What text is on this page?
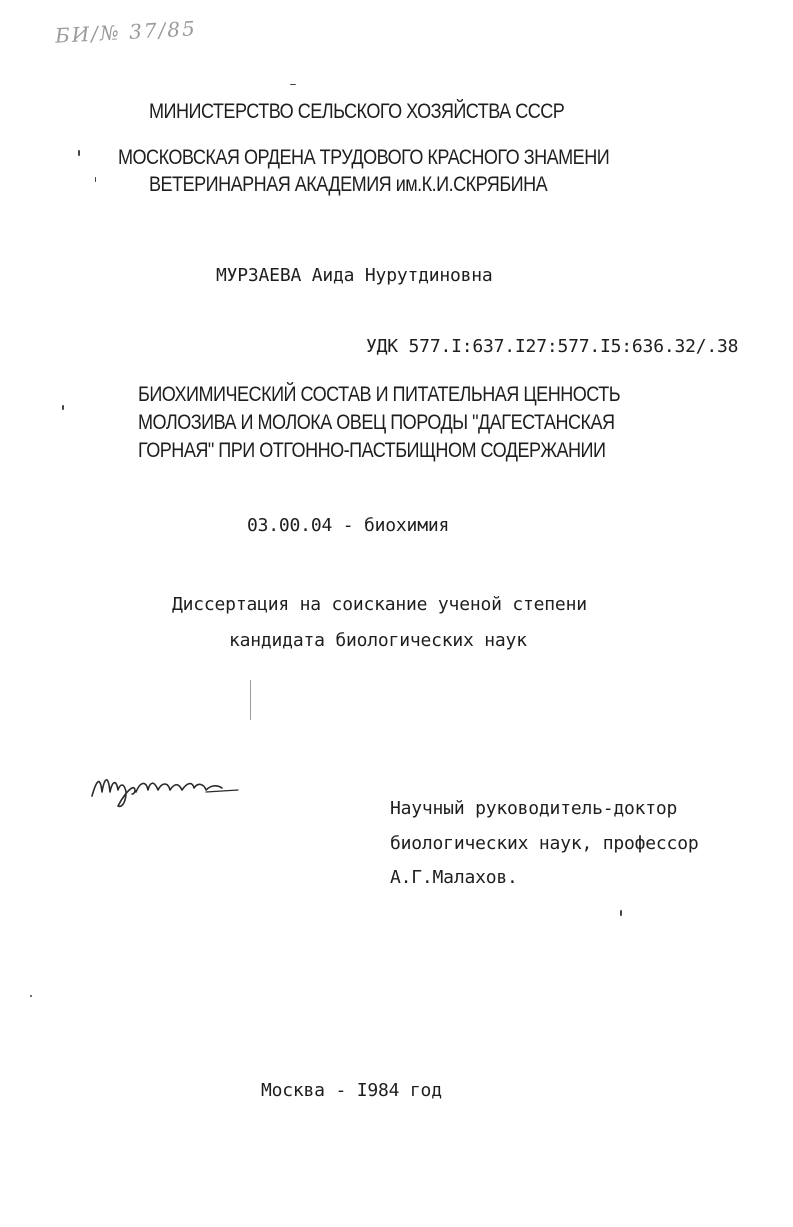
БИ/№ 37/85
МИНИСТЕРСТВО СЕЛЬСКОГО ХОЗЯЙСТВА СССР
МОСКОВСКАЯ ОРДЕНА ТРУДОВОГО КРАСНОГО ЗНАМЕНИ
ВЕТЕРИНАРНАЯ АКАДЕМИЯ им.К.И.СКРЯБИНА
МУРЗАЕВА Аида Нурутдиновна
УДК 577.I:637.I27:577.I5:636.32/.38
БИОХИМИЧЕСКИЙ СОСТАВ И ПИТАТЕЛЬНАЯ ЦЕННОСТЬ
МОЛОЗИВА И МОЛОКА ОВЕЦ ПОРОДЫ "ДАГЕСТАНСКАЯ
ГОРНАЯ" ПРИ ОТГОННО-ПАСТБИЩНОМ СОДЕРЖАНИИ
03.00.04 - биохимия
Диссертация на соискание ученой степени
кандидата биологических наук
Научный руководитель-доктор
биологических наук, профессор
А.Г.Малахов.
Москва - I984 год
